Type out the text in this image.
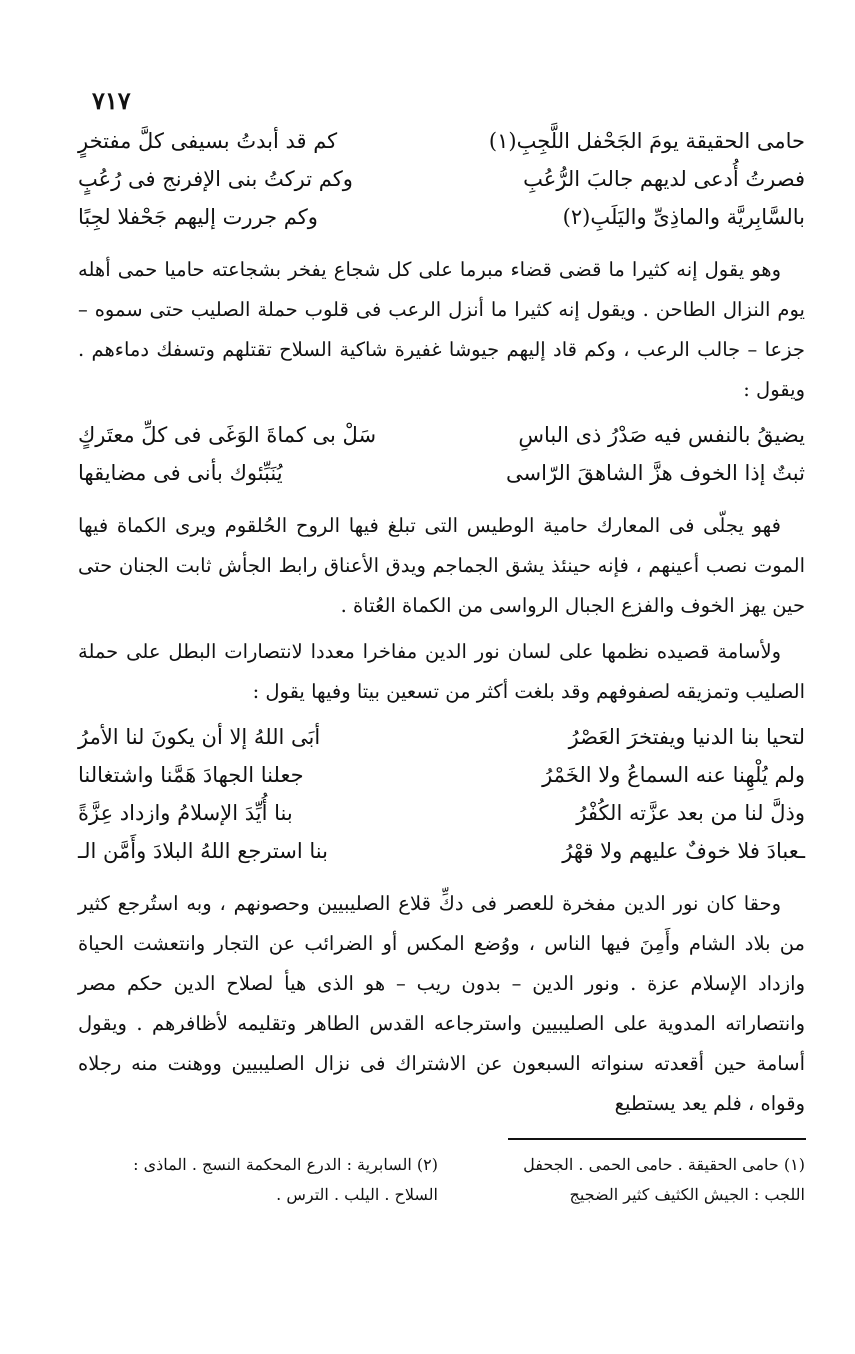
٧١٧
حامى الحقيقة يومَ الجَحْفل اللَّجِبِ(١)
كم قد أبدتُ بسيفى كلَّ مفتخرٍ
فصرتُ أُدعى لديهم جالبَ الرُّعُبِ
وكم تركتُ بنى الإفرنج فى رُعُبٍ
بالسَّابِريَّة والماذِىِّ واليَلَبِ(٢)
وكم جررت إليهم جَحْفلا لجِبًا

وهو يقول إنه كثيرا ما قضى قضاء مبرما على كل شجاع يفخر بشجاعته حاميا حمى أهله يوم النزال الطاحن . ويقول إنه كثيرا ما أنزل الرعب فى قلوب حملة الصليب حتى سموه – جزعا – جالب الرعب ، وكم قاد إليهم جيوشا غفيرة شاكية السلاح تقتلهم وتسفك دماءهم . ويقول :

يضيقُ بالنفس فيه صَدْرُ ذى الباسِ
سَلْ بى كماةَ الوَغَى فى كلِّ معتَركٍ
ثبتٌ إذا الخوف هزَّ الشاهقَ الرّاسى
يُنَبِّئوك بأنى فى مضايقها

فهو يجلّى فى المعارك حامية الوطيس التى تبلغ فيها الروح الحُلقوم ويرى الكماة فيها الموت نصب أعينهم ، فإنه حينئذ يشق الجماجم ويدق الأعناق رابط الجأش ثابت الجنان حتى حين يهز الخوف والفزع الجبال الرواسى من الكماة العُتاة .

ولأسامة قصيده نظمها على لسان نور الدين مفاخرا معددا لانتصارات البطل على حملة الصليب وتمزيقه لصفوفهم وقد بلغت أكثر من تسعين بيتا وفيها يقول :

لتحيا بنا الدنيا ويفتخرَ العَصْرُ
أبَى اللهُ إلا أن يكونَ لنا الأمرُ
ولم يُلْهِنا عنه السماعُ ولا الخَمْرُ
جعلنا الجهادَ هَمَّنا واشتغالنا
وذلَّ لنا من بعد عزَّته الكُفْرُ
بنا أُيِّدَ الإسلامُ وازداد عِزَّةً
ـعبادَ فلا خوفٌ عليهم ولا قهْرُ
بنا استرجع اللهُ البلادَ وأَمَّن الـ

وحقا كان نور الدين مفخرة للعصر فى دكِّ قلاع الصليبيين وحصونهم ، وبه استُرجع كثير من بلاد الشام وأَمِنَ فيها الناس ، ووُضع المكس أو الضرائب عن التجار وانتعشت الحياة وازداد الإسلام عزة . ونور الدين – بدون ريب – هو الذى هيأ لصلاح الدين حكم مصر وانتصاراته المدوية على الصليبيين واسترجاعه القدس الطاهر وتقليمه لأظافرهم . ويقول أسامة حين أقعدته سنواته السبعون عن الاشتراك فى نزال الصليبيين ووهنت منه رجلاه وقواه ، فلم يعد يستطيع

(١) حامى الحقيقة . حامى الحمى . الجحفل

اللجب : الجيش الكثيف كثير الضجيج

(٢) السابرية : الدرع المحكمة النسج . الماذى :

السلاح . اليلب . الترس .
